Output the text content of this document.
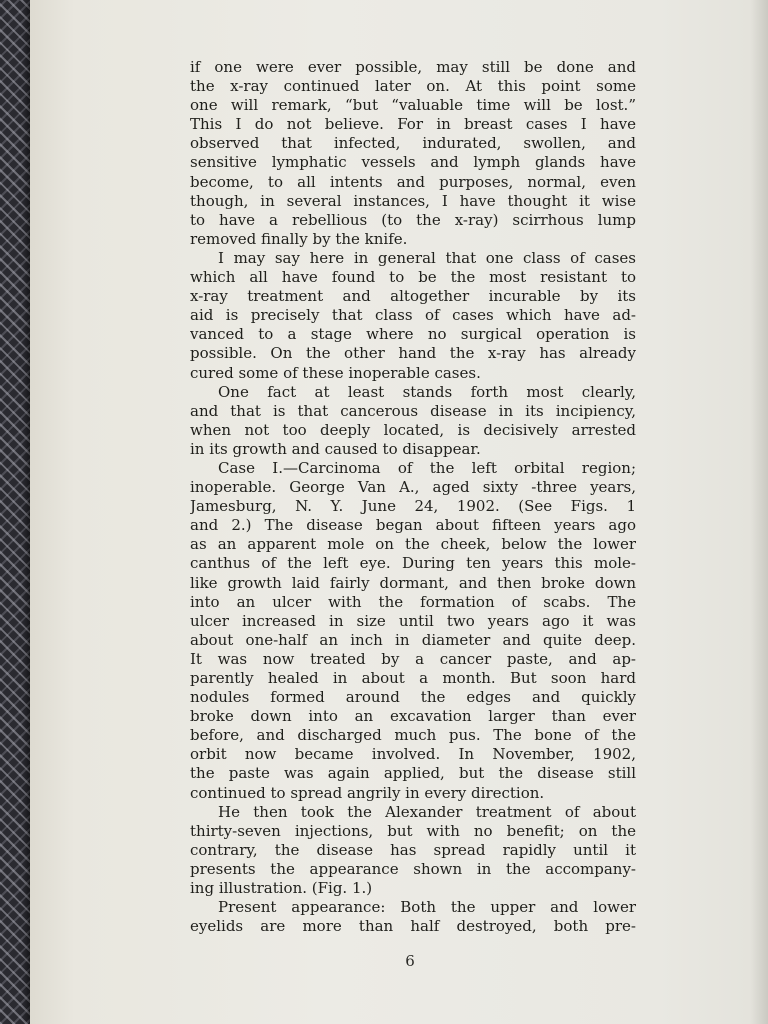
if one were ever possible, may still be done and
the x-ray continued later on. At this point some
one will remark, “but “valuable time will be lost.”
This I do not believe. For in breast cases I have
observed that infected, indurated, swollen, and
sensitive lymphatic vessels and lymph glands have
become, to all intents and purposes, normal, even
though, in several instances, I have thought it wise
to have a rebellious (to the x-ray) scirrhous lump
removed finally by the knife.
I may say here in general that one class of cases
which all have found to be the most resistant to
x-ray treatment and altogether incurable by its
aid is precisely that class of cases which have ad-
vanced to a stage where no surgical operation is
possible. On the other hand the x-ray has already
cured some of these inoperable cases.
One fact at least stands forth most clearly,
and that is that cancerous disease in its incipiency,
when not too deeply located, is decisively arrested
in its growth and caused to disappear.
Case I.—Carcinoma of the left orbital region;
inoperable. George Van A., aged sixty -three years,
Jamesburg, N. Y. June 24, 1902. (See Figs. 1
and 2.) The disease began about fifteen years ago
as an apparent mole on the cheek, below the lower
canthus of the left eye. During ten years this mole-
like growth laid fairly dormant, and then broke down
into an ulcer with the formation of scabs. The
ulcer increased in size until two years ago it was
about one-half an inch in diameter and quite deep.
It was now treated by a cancer paste, and ap-
parently healed in about a month. But soon hard
nodules formed around the edges and quickly
broke down into an excavation larger than ever
before, and discharged much pus. The bone of the
orbit now became involved. In November, 1902,
the paste was again applied, but the disease still
continued to spread angrily in every direction.
He then took the Alexander treatment of about
thirty-seven injections, but with no benefit; on the
contrary, the disease has spread rapidly until it
presents the appearance shown in the accompany-
ing illustration. (Fig. 1.)
Present appearance: Both the upper and lower
eyelids are more than half destroyed, both pre-
6
